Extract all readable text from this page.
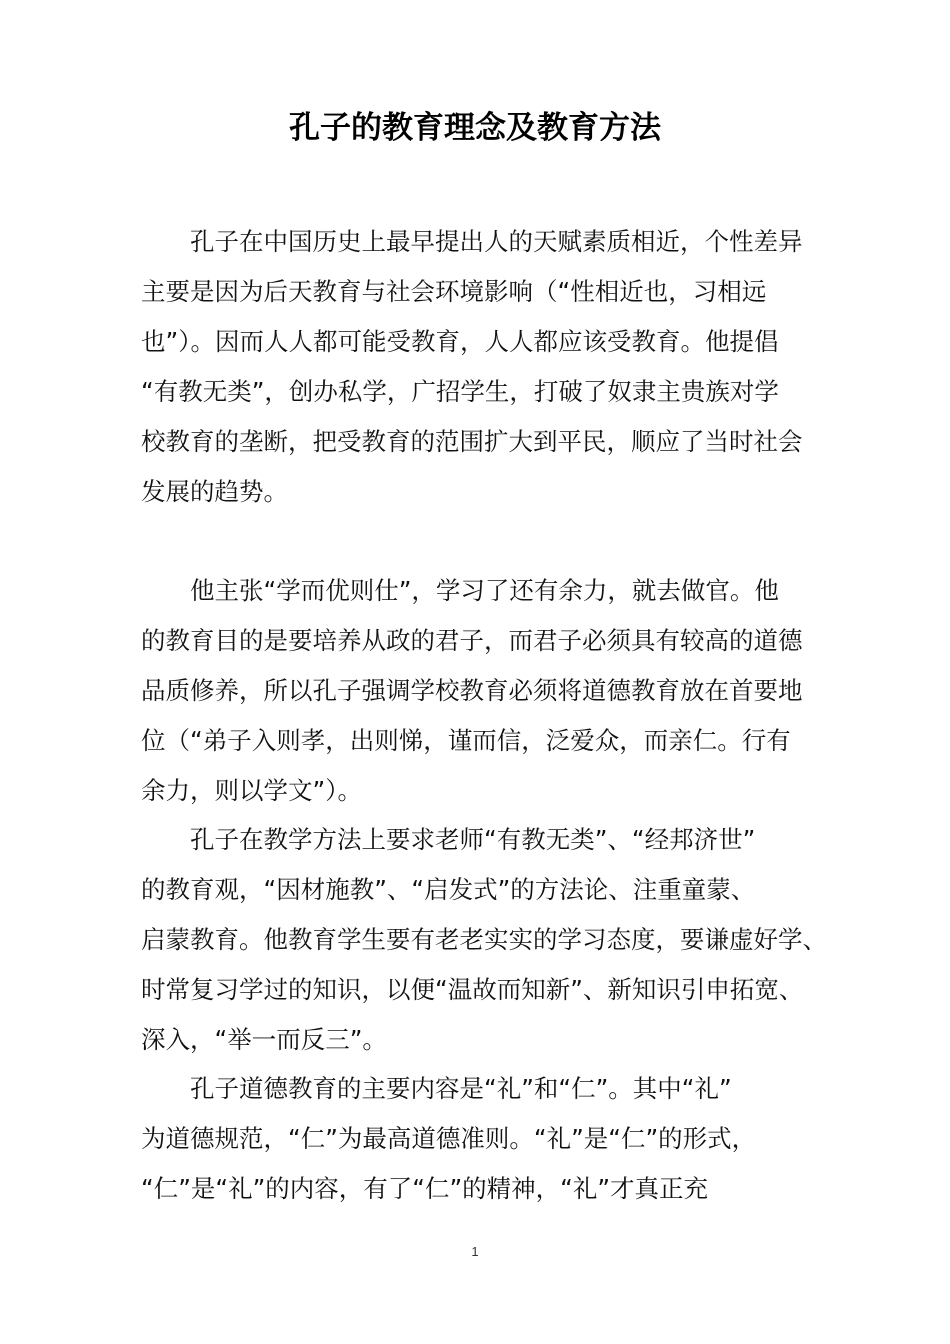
孔子的教育理念及教育方法
　　孔子在中国历史上最早提出人的天赋素质相近，个性差异
主要是因为后天教育与社会环境影响（“性相近也，习相远
也”）。因而人人都可能受教育，人人都应该受教育。他提倡
“有教无类”，创办私学，广招学生，打破了奴隶主贵族对学
校教育的垄断，把受教育的范围扩大到平民，顺应了当时社会
发展的趋势。
　　他主张“学而优则仕”，学习了还有余力，就去做官。他
的教育目的是要培养从政的君子，而君子必须具有较高的道德
品质修养，所以孔子强调学校教育必须将道德教育放在首要地
位（“弟子入则孝，出则悌，谨而信，泛爱众，而亲仁。行有
余力，则以学文”）。
　　孔子在教学方法上要求老师“有教无类”、“经邦济世”
的教育观，“因材施教”、“启发式”的方法论、注重童蒙、
启蒙教育。他教育学生要有老老实实的学习态度，要谦虚好学、
时常复习学过的知识，以便“温故而知新”、新知识引申拓宽、
深入，“举一而反三”。
　　孔子道德教育的主要内容是“礼”和“仁”。其中“礼”
为道德规范，“仁”为最高道德准则。“礼”是“仁”的形式，
“仁”是“礼”的内容，有了“仁”的精神，“礼”才真正充
1
